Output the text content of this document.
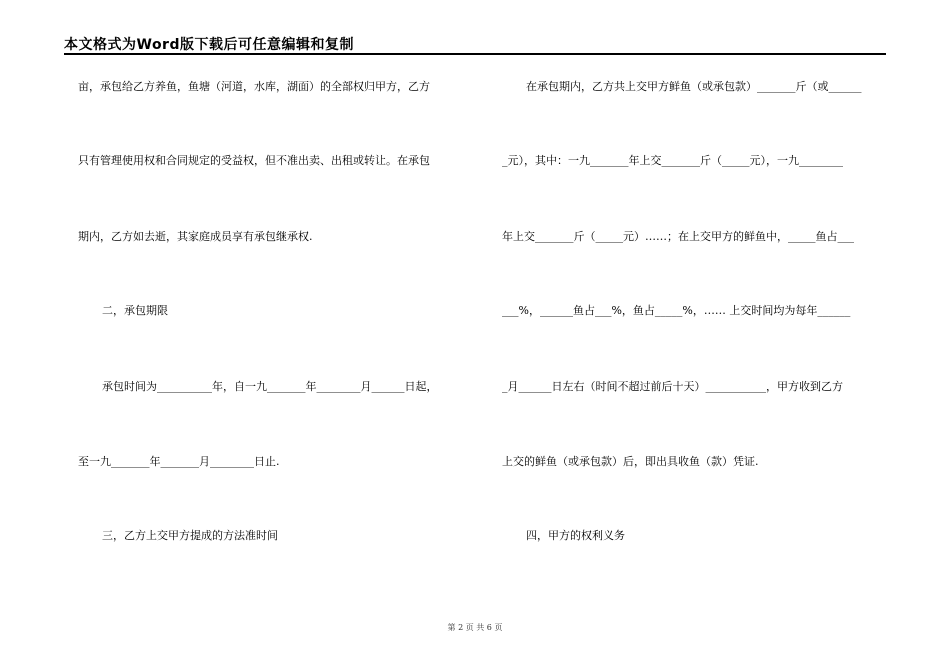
本文格式为Word版下载后可任意编辑和复制
亩，承包给乙方养鱼，鱼塘（河道，水库，湖面）的全部权归甲方，乙方
只有管理使用权和合同规定的受益权，但不准出卖、出租或转让。在承包
期内，乙方如去逝，其家庭成员享有承包继承权.
二，承包期限
承包时间为__________年，自一九_______年________月______日起，
至一九_______年_______月________日止.
三，乙方上交甲方提成的方法准时间
在承包期内，乙方共上交甲方鲜鱼（或承包款）_______斤（或______
_元），其中：一九_______年上交_______斤（_____元），一九________
年上交_______斤（_____元）……；在上交甲方的鲜鱼中，_____鱼占___
___%，______鱼占___%，鱼占_____%，…… 上交时间均为每年______
_月______日左右（时间不超过前后十天）___________，甲方收到乙方
上交的鲜鱼（或承包款）后，即出具收鱼（款）凭证.
四，甲方的权利义务
第 2 页 共 6 页
